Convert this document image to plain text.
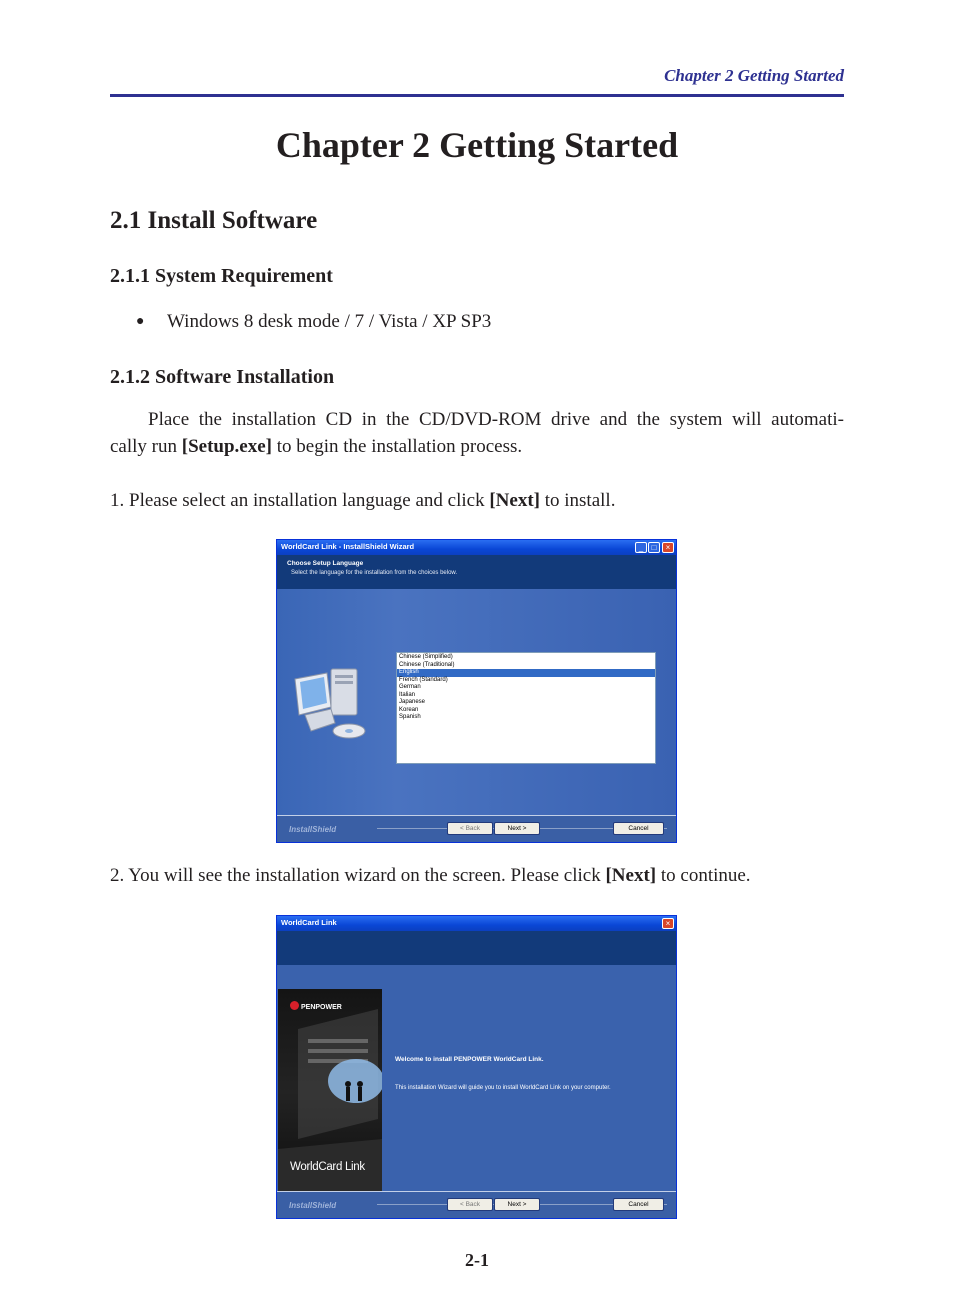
Chapter 2 Getting Started
Chapter 2 Getting Started
2.1 Install Software
2.1.1 System Requirement
● Windows 8 desk mode / 7 / Vista / XP SP3
2.1.2 Software Installation
Place the installation CD in the CD/DVD-ROM drive and the system will automati-
cally run [Setup.exe] to begin the installation process.
1. Please select an installation language and click [Next] to install.
WorldCard Link - InstallShield Wizard	_	□	×
Choose Setup Language
Select the language for the installation from the choices below.
Chinese (Simplified)
Chinese (Traditional)
English
French (Standard)
German
Italian
Japanese
Korean
Spanish
InstallShield	< Back	Next >	Cancel
2. You will see the installation wizard on the screen. Please click [Next] to continue.
WorldCard Link	×
PENPOWER
WorldCard Link
Welcome to install PENPOWER WorldCard Link.
This installation Wizard will guide you to install WorldCard Link on your computer.
InstallShield	< Back	Next >	Cancel
2-1
